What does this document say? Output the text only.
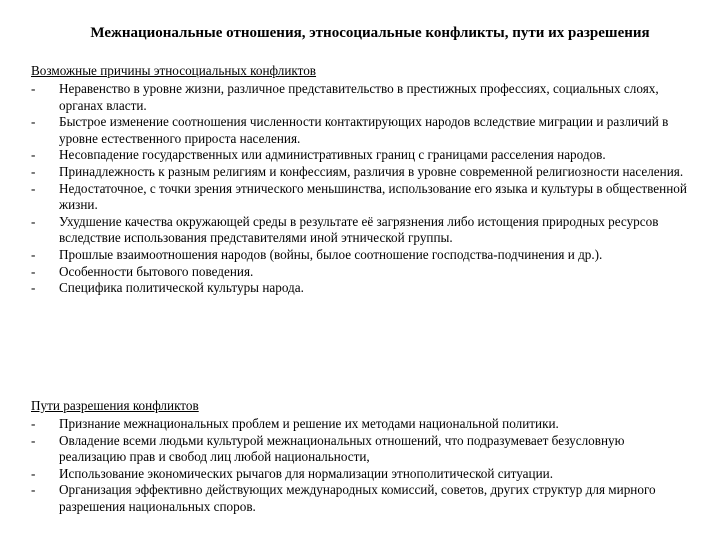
Межнациональные отношения, этносоциальные конфликты, пути их разрешения
Возможные причины этносоциальных конфликтов
- Неравенство в уровне жизни, различное представительство в престижных профессиях, социальных слоях, органах власти.
- Быстрое изменение соотношения численности контактирующих народов вследствие миграции и различий в уровне естественного прироста населения.
- Несовпадение государственных или административных границ с границами расселения народов.
- Принадлежность к разным религиям и конфессиям, различия в уровне современной религиозности населения.
- Недостаточное, с точки зрения этнического меньшинства, использование его языка и культуры в общественной жизни.
- Ухудшение качества окружающей среды в результате её загрязнения либо истощения природных ресурсов вследствие использования представителями иной этнической группы.
- Прошлые взаимоотношения народов (войны, былое соотношение господства-подчинения и др.).
- Особенности бытового поведения.
- Специфика политической культуры народа.
Пути разрешения конфликтов
- Признание межнациональных проблем и решение их методами национальной политики.
- Овладение всеми людьми культурой межнациональных отношений, что подразумевает безусловную реализацию прав и свобод лиц любой национальности,
- Использование экономических рычагов для нормализации этнополитической ситуации.
- Организация эффективно действующих международных комиссий, советов, других структур для мирного разрешения национальных споров.
